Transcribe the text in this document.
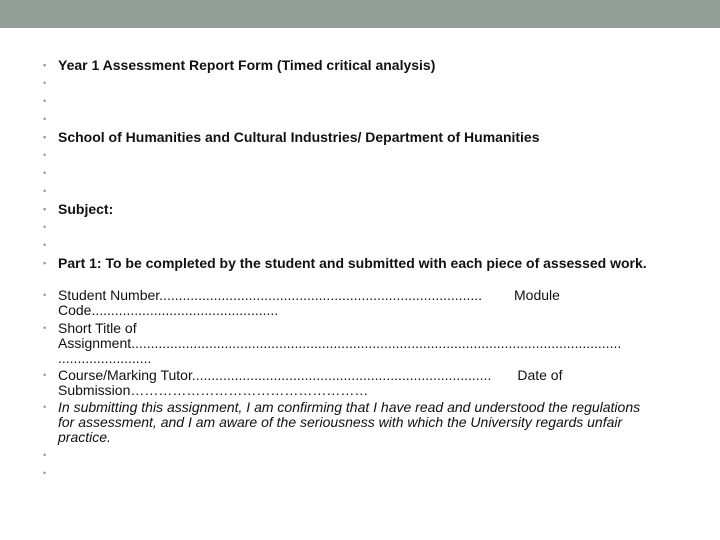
• Year 1 Assessment Report Form (Timed critical analysis)
•
•
•
• School of Humanities and Cultural Industries/ Department of Humanities
•
•
•
• Subject:
•
•
• Part 1: To be completed by the student and submitted with each piece of assessed work.
• Student Number................................................................................... Module
Code................................................
• Short Title of
Assignment..............................................................................................................................
........................
• Course/Marking Tutor............................................................................. Date of
Submission……………………………………………
• In submitting this assignment, I am confirming that I have read and understood the regulations for assessment, and I am aware of the seriousness with which the University regards unfair practice.
•
•
